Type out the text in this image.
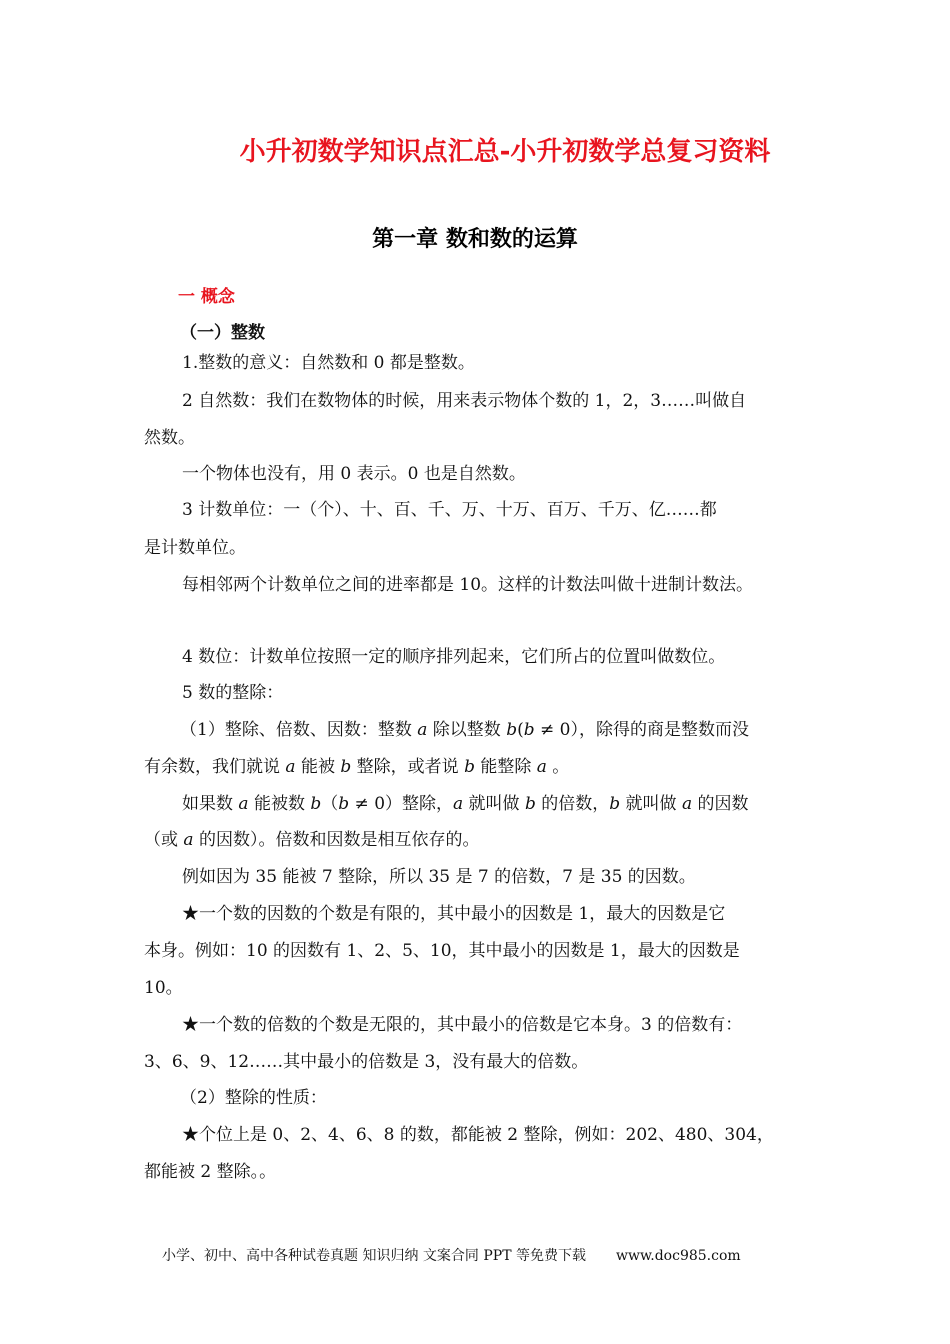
小升初数学知识点汇总-小升初数学总复习资料
第一章 数和数的运算
一 概念
（一）整数
1.整数的意义：自然数和 0 都是整数。
2 自然数：我们在数物体的时候，用来表示物体个数的 1，2，3……叫做自
然数。
一个物体也没有，用 0 表示。0 也是自然数。
3 计数单位：一（个）、十、百、千、万、十万、百万、千万、亿……都
是计数单位。
每相邻两个计数单位之间的进率都是 10。这样的计数法叫做十进制计数法。
4 数位：计数单位按照一定的顺序排列起来，它们所占的位置叫做数位。
5 数的整除：
（1）整除、倍数、因数：整数 a 除以整数 b(b ≠ 0），除得的商是整数而没
有余数，我们就说 a 能被 b 整除，或者说 b 能整除 a 。
如果数 a 能被数 b（b ≠ 0）整除，a 就叫做 b 的倍数，b 就叫做 a 的因数
（或 a 的因数）。倍数和因数是相互依存的。
例如因为 35 能被 7 整除，所以 35 是 7 的倍数，7 是 35 的因数。
★一个数的因数的个数是有限的，其中最小的因数是 1，最大的因数是它
本身。例如：10 的因数有 1、2、5、10，其中最小的因数是 1，最大的因数是
10。
★一个数的倍数的个数是无限的，其中最小的倍数是它本身。3 的倍数有：
3、6、9、12……其中最小的倍数是 3，没有最大的倍数。
（2）整除的性质：
★个位上是 0、2、4、6、8 的数，都能被 2 整除，例如：202、480、304，
都能被 2 整除。。
小学、初中、高中各种试卷真题 知识归纳 文案合同 PPT 等免费下载 www.doc985.com
